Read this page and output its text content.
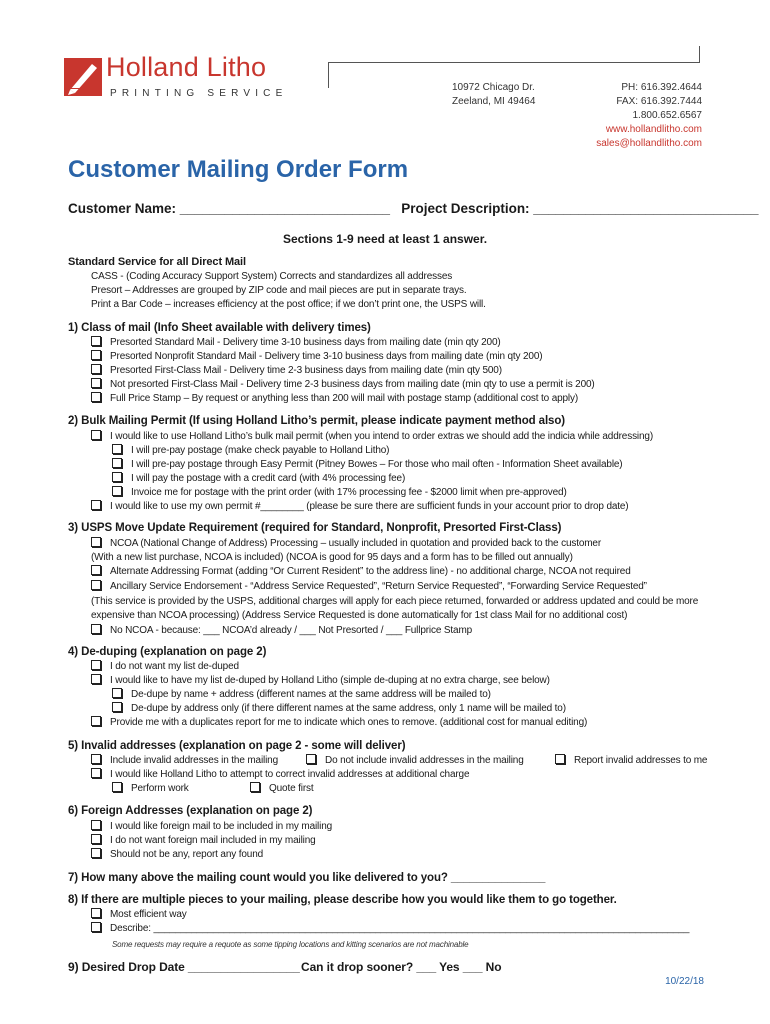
Holland Litho
PRINTING SERVICE
10972 Chicago Dr.
Zeeland, MI 49464
PH: 616.392.4644
FAX: 616.392.7444
1.800.652.6567
www.hollandlitho.com
sales@hollandlitho.com
Customer Mailing Order Form
Customer Name: ____________________________ Project Description: ______________________________
Sections 1-9 need at least 1 answer.
Standard Service for all Direct Mail
CASS - (Coding Accuracy Support System) Corrects and standardizes all addresses
Presort – Addresses are grouped by ZIP code and mail pieces are put in separate trays.
Print a Bar Code – increases efficiency at the post office; if we don’t print one, the USPS will.
1) Class of mail (Info Sheet available with delivery times)
Presorted Standard Mail - Delivery time 3-10 business days from mailing date (min qty 200)
Presorted Nonprofit Standard Mail - Delivery time 3-10 business days from mailing date (min qty 200)
Presorted First-Class Mail - Delivery time 2-3 business days from mailing date (min qty 500)
Not presorted First-Class Mail - Delivery time 2-3 business days from mailing date (min qty to use a permit is 200)
Full Price Stamp – By request or anything less than 200 will mail with postage stamp (additional cost to apply)
2) Bulk Mailing Permit (If using Holland Litho’s permit, please indicate payment method also)
I would like to use Holland Litho’s bulk mail permit (when you intend to order extras we should add the indicia while addressing)
I will pre-pay postage (make check payable to Holland Litho)
I will pre-pay postage through Easy Permit (Pitney Bowes – For those who mail often - Information Sheet available)
I will pay the postage with a credit card (with 4% processing fee)
Invoice me for postage with the print order (with 17% processing fee - $2000 limit when pre-approved)
I would like to use my own permit #________ (please be sure there are sufficient funds in your account prior to drop date)
3) USPS Move Update Requirement (required for Standard, Nonprofit, Presorted First-Class)
NCOA (National Change of Address) Processing – usually included in quotation and provided back to the customer
(With a new list purchase, NCOA is included) (NCOA is good for 95 days and a form has to be filled out annually)
Alternate Addressing Format (adding “Or Current Resident” to the address line) - no additional charge, NCOA not required
Ancillary Service Endorsement - “Address Service Requested”, “Return Service Requested”, “Forwarding Service Requested”
(This service is provided by the USPS, additional charges will apply for each piece returned, forwarded or address updated and could be more
expensive than NCOA processing) (Address Service Requested is done automatically for 1st class Mail for no additional cost)
No NCOA - because: ___ NCOA’d already / ___ Not Presorted / ___ Fullprice Stamp
4) De-duping (explanation on page 2)
I do not want my list de-duped
I would like to have my list de-duped by Holland Litho (simple de-duping at no extra charge, see below)
De-dupe by name + address (different names at the same address will be mailed to)
De-dupe by address only (if there different names at the same address, only 1 name will be mailed to)
Provide me with a duplicates report for me to indicate which ones to remove. (additional cost for manual editing)
5) Invalid addresses (explanation on page 2 - some will deliver)
Include invalid addresses in the mailing	Do not include invalid addresses in the mailing	Report invalid addresses to me
I would like Holland Litho to attempt to correct invalid addresses at additional charge
Perform work	Quote first
6) Foreign Addresses (explanation on page 2)
I would like foreign mail to be included in my mailing
I do not want foreign mail included in my mailing
Should not be any, report any found
7) How many above the mailing count would you like delivered to you? _______________
8) If there are multiple pieces to your mailing, please describe how you would like them to go together.
Most efficient way
Describe: ___________________________________________________________________________________________________
Some requests may require a requote as some tipping locations and kitting scenarios are not machinable
9) Desired Drop Date _________________ Can it drop sooner? ___ Yes ___ No
10/22/18
